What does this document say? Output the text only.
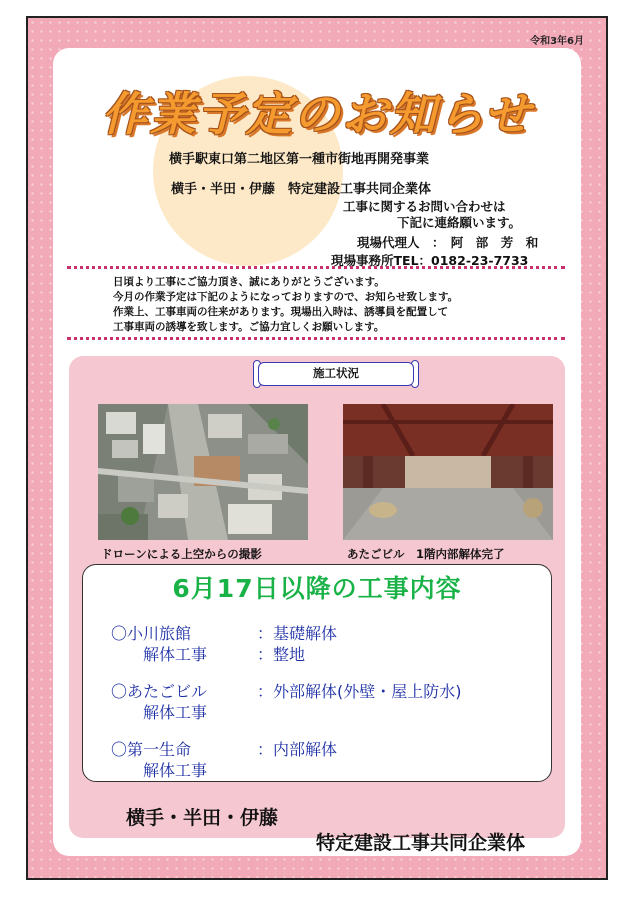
令和3年6月
作業予定のお知らせ
横手駅東口第二地区第一種市街地再開発事業
横手・半田・伊藤　特定建設工事共同企業体
工事に関するお問い合わせは
下記に連絡願います。
現場代理人　：　阿　部　芳　和
現場事務所TEL：0182-23-7733
日頃より工事にご協力頂き、誠にありがとうございます。
今月の作業予定は下記のようになっておりますので、お知らせ致します。
作業上、工事車両の往来があります。現場出入時は、誘導員を配置して
工事車両の誘導を致します。ご協力宜しくお願いします。
施工状況
ドローンによる上空からの撮影	あたごビル　1階内部解体完了
6月17日以降の工事内容
〇小川旅館
解体工事
：基礎解体
：整地
〇あたごビル
解体工事
：外部解体(外壁・屋上防水)
〇第一生命
解体工事
：内部解体
横手・半田・伊藤
特定建設工事共同企業体
